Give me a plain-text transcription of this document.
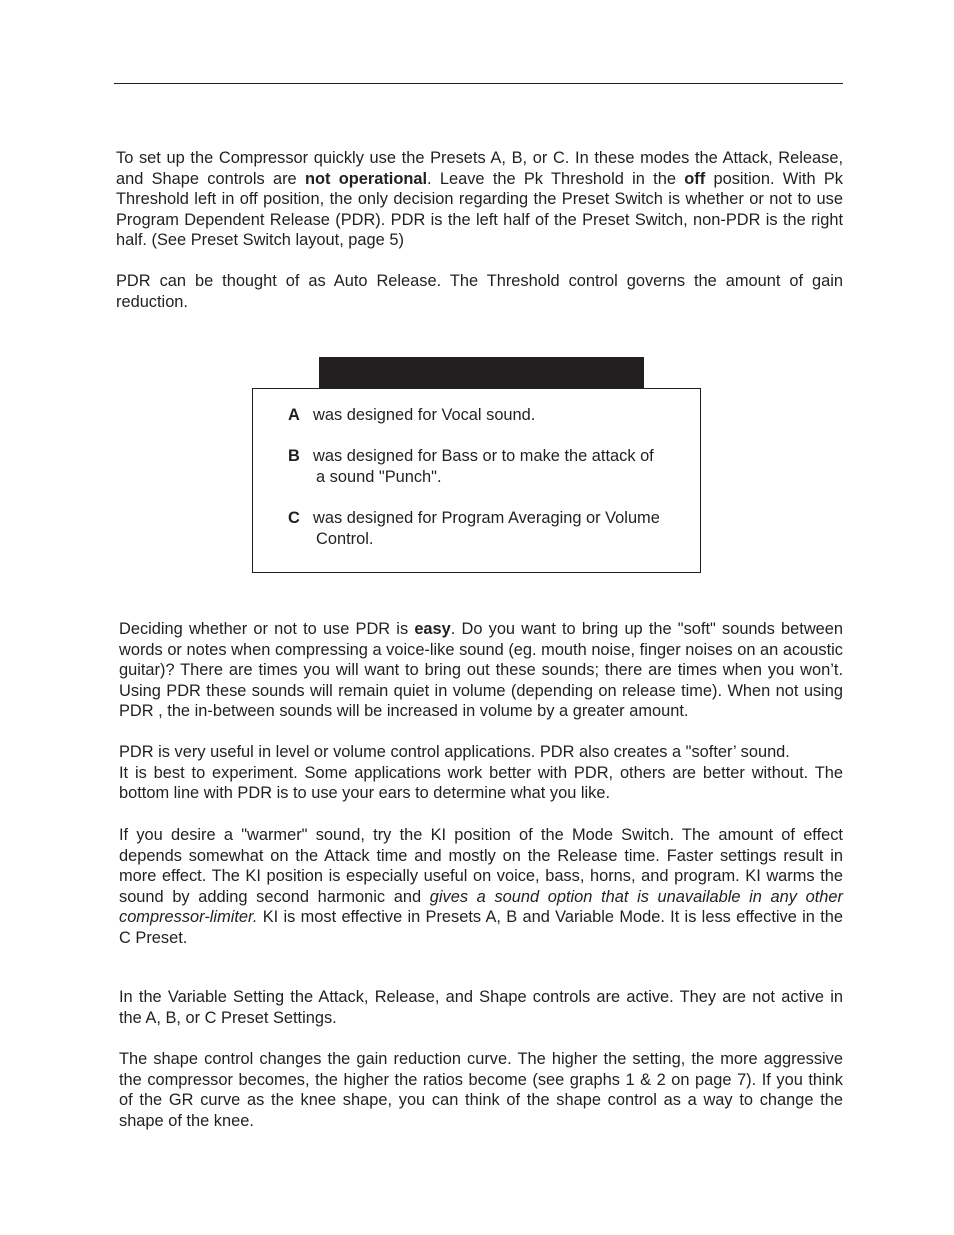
To set up the Compressor quickly use the Presets A, B, or C. In these modes the Attack, Release, and Shape controls are not operational. Leave the Pk Threshold in the off position. With Pk Threshold left in off position, the only decision regarding the Preset Switch is whether or not to use Program Dependent Release (PDR). PDR is the left half of the Preset Switch, non-PDR is the right half. (See Preset Switch layout, page 5)

PDR can be thought of as Auto Release. The Threshold control governs the amount of gain reduction.

A was designed for Vocal sound.
B was designed for Bass or to make the attack of
a sound "Punch".
C was designed for Program Averaging or Volume
Control.

Deciding whether or not to use PDR is easy. Do you want to bring up the "soft" sounds between words or notes when compressing a voice-like sound (eg. mouth noise, finger noises on an acoustic guitar)? There are times you will want to bring out these sounds; there are times when you won’t. Using PDR these sounds will remain quiet in volume (depending on release time). When not using PDR , the in-between sounds will be increased in volume by a greater amount.

PDR is very useful in level or volume control applications. PDR also creates a "softer’ sound.
It is best to experiment. Some applications work better with PDR, others are better without. The bottom line with PDR is to use your ears to determine what you like.

If you desire a "warmer" sound, try the KI position of the Mode Switch. The amount of effect depends somewhat on the Attack time and mostly on the Release time. Faster settings result in more effect. The KI position is especially useful on voice, bass, horns, and program. KI warms the sound by adding second harmonic and gives a sound option that is unavailable in any other compressor-limiter. KI is most effective in Presets A, B and Variable Mode. It is less effective in the C Preset.

In the Variable Setting the Attack, Release, and Shape controls are active. They are not active in the A, B, or C Preset Settings.

The shape control changes the gain reduction curve. The higher the setting, the more aggressive the compressor becomes, the higher the ratios become (see graphs 1 & 2 on page 7). If you think of the GR curve as the knee shape, you can think of the shape control as a way to change the shape of the knee.
